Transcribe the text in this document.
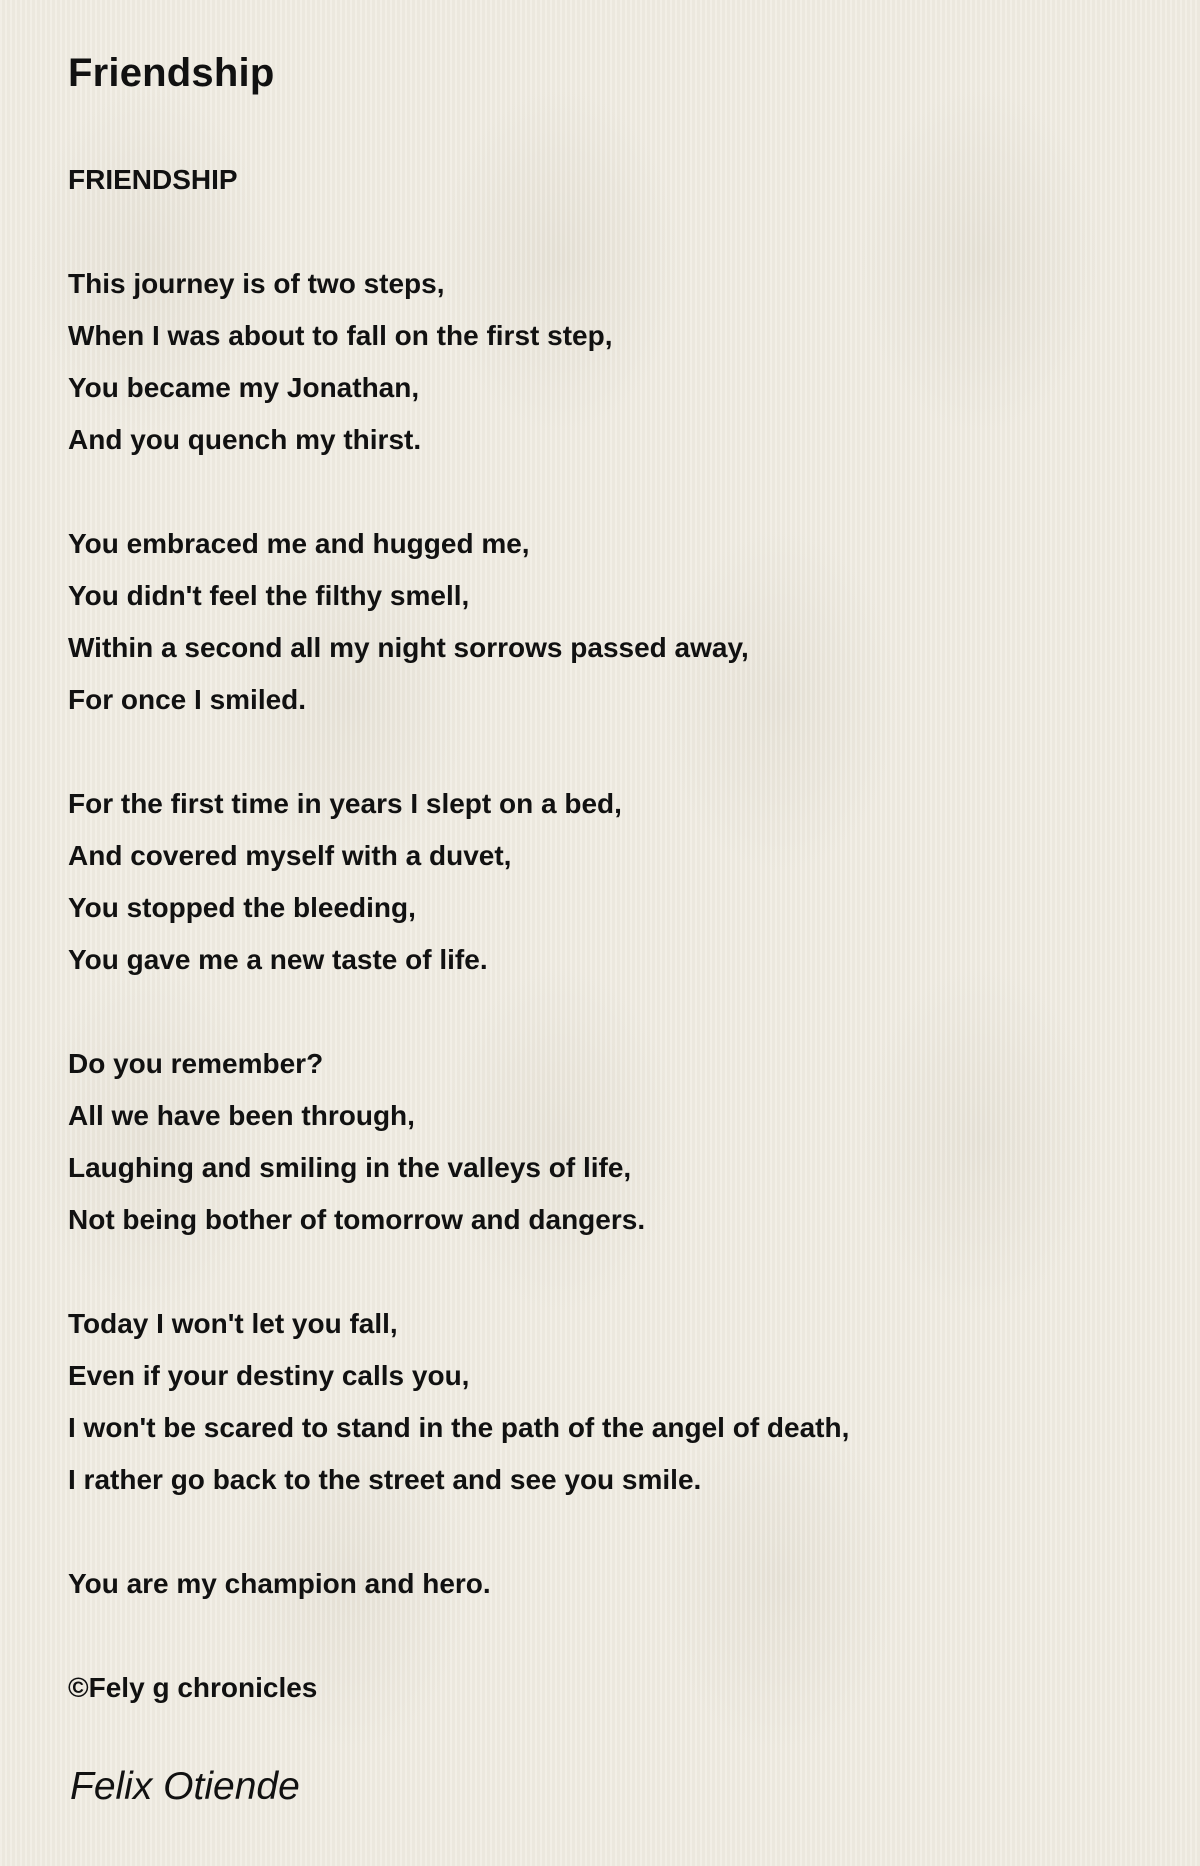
Friendship
FRIENDSHIP
This journey is of two steps,
When I was about to fall on the first step,
You became my Jonathan,
And you quench my thirst.
You embraced me and hugged me,
You didn't feel the filthy smell,
Within a second all my night sorrows passed away,
For once I smiled.
For the first time in years I slept on a bed,
And covered myself with a duvet,
You stopped the bleeding,
You gave me a new taste of life.
Do you remember?
All we have been through,
Laughing and smiling in the valleys of life,
Not being bother of tomorrow and dangers.
Today I won't let you fall,
Even if your destiny calls you,
I won't be scared to stand in the path of the angel of death,
I rather go back to the street and see you smile.
You are my champion and hero.
©Fely g chronicles
Felix Otiende
